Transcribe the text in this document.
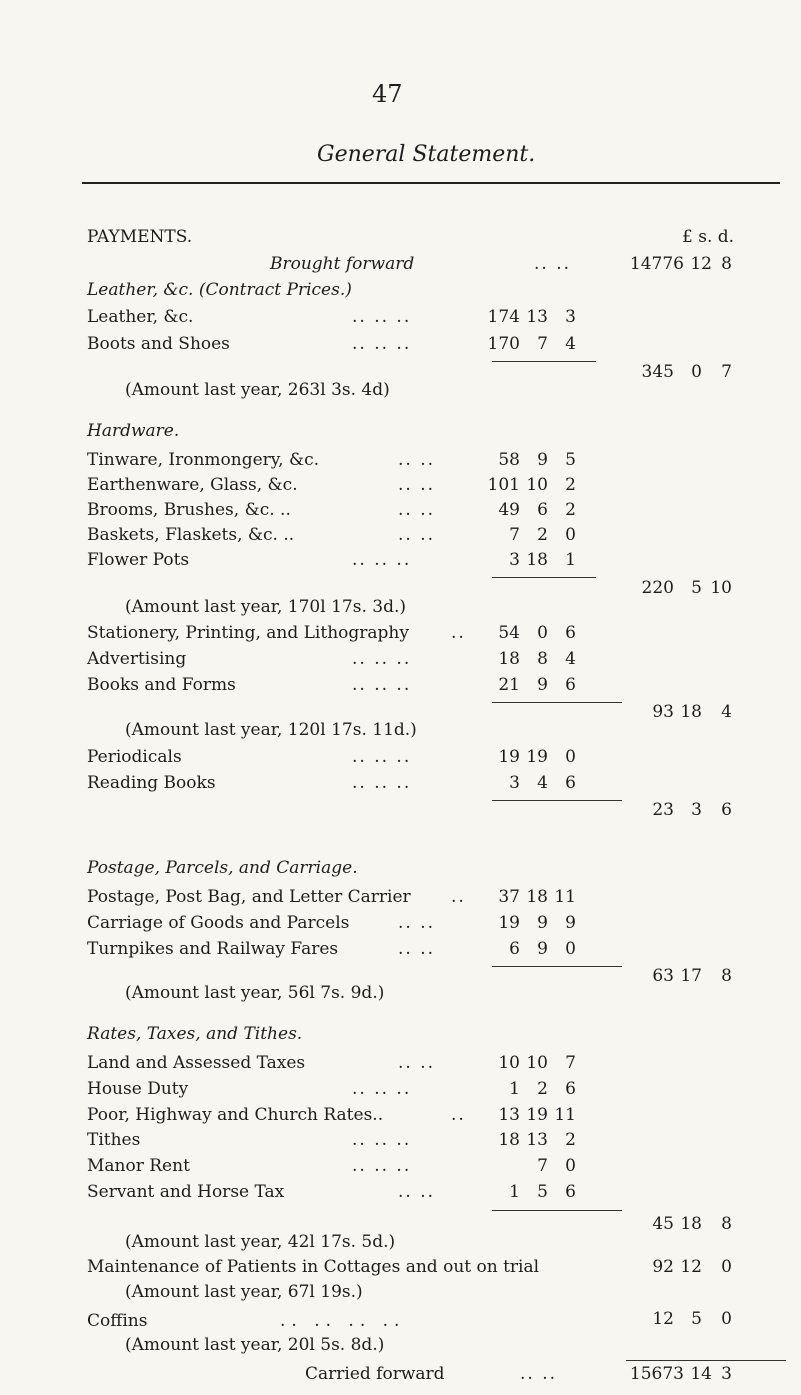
47
General Statement.
PAYMENTS.	£ s. d.
Brought forward	.. ..	14776 12 8
Leather, &c. (Contract Prices.)
Leather, &c.	.. .. ..	174 13 3
Boots and Shoes	.. .. ..	170 7 4
345 0 7
(Amount last year, 263l 3s. 4d)
Hardware.
Tinware, Ironmongery, &c.	.. ..	58 9 5
Earthenware, Glass, &c.	.. ..	101 10 2
Brooms, Brushes, &c. ..	.. ..	49 6 2
Baskets, Flaskets, &c. ..	.. ..	7 2 0
Flower Pots	.. .. ..	3 18 1
220 5 10
(Amount last year, 170l 17s. 3d.)
Stationery, Printing, and Lithography ..	54 0 6
Advertising	.. .. ..	18 8 4
Books and Forms	.. .. ..	21 9 6
93 18 4
(Amount last year, 120l 17s. 11d.)
Periodicals	.. .. ..	19 19 0
Reading Books	.. .. ..	3 4 6
23 3 6
Postage, Parcels, and Carriage.
Postage, Post Bag, and Letter Carrier ..	37 18 11
Carriage of Goods and Parcels	.. ..	19 9 9
Turnpikes and Railway Fares	.. ..	6 9 0
63 17 8
(Amount last year, 56l 7s. 9d.)
Rates, Taxes, and Tithes.
Land and Assessed Taxes	.. ..	10 10 7
House Duty	.. .. ..	1 2 6
Poor, Highway and Church Rates..	..	13 19 11
Tithes	.. .. ..	18 13 2
Manor Rent	.. .. ..	7 0
Servant and Horse Tax	.. ..	1 5 6
45 18 8
(Amount last year, 42l 17s. 5d.)
Maintenance of Patients in Cottages and out on trial	92 12 0
(Amount last year, 67l 19s.)
Coffins	.. .. .. ..	12 5 0
(Amount last year, 20l 5s. 8d.)
Carried forward	.. ..	15673 14 3
